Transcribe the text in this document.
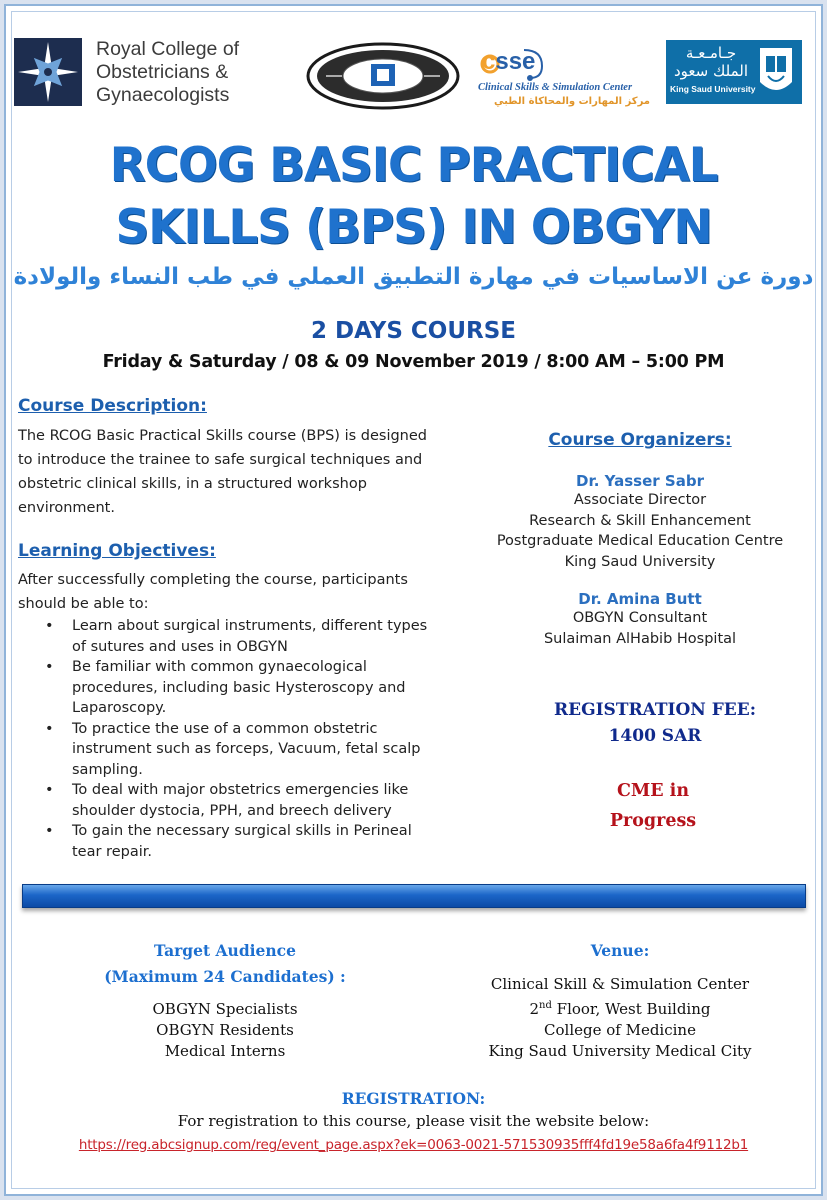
Royal College of
Obstetricians &
Gynaecologists
csse
Clinical Skills & Simulation Center
مركز المهارات والمحاكاة الطبي
جـامـعـة
الملك سعود
King Saud University
RCOG BASIC PRACTICAL
SKILLS (BPS) IN OBGYN
دورة عن الاساسيات في مهارة التطبيق العملي في طب النساء والولادة
2 DAYS COURSE
Friday & Saturday / 08 & 09 November 2019 / 8:00 AM – 5:00 PM
Course Description:
The RCOG Basic Practical Skills course (BPS) is designed
to introduce the trainee to safe surgical techniques and
obstetric clinical skills, in a structured workshop
environment.
Learning Objectives:
After successfully completing the course, participants
should be able to:
• Learn about surgical instruments, different types
of sutures and uses in OBGYN
• Be familiar with common gynaecological
procedures, including basic Hysteroscopy and
Laparoscopy.
• To practice the use of a common obstetric
instrument such as forceps, Vacuum, fetal scalp
sampling.
• To deal with major obstetrics emergencies like
shoulder dystocia, PPH, and breech delivery
• To gain the necessary surgical skills in Perineal
tear repair.
Course Organizers:
Dr. Yasser Sabr
Associate Director
Research & Skill Enhancement
Postgraduate Medical Education Centre
King Saud University
Dr. Amina Butt
OBGYN Consultant
Sulaiman AlHabib Hospital
REGISTRATION FEE:
1400 SAR
CME in
Progress
Target Audience
(Maximum 24 Candidates) :
OBGYN Specialists
OBGYN Residents
Medical Interns
Venue:
Clinical Skill & Simulation Center
2nd Floor, West Building
College of Medicine
King Saud University Medical City
REGISTRATION:
For registration to this course, please visit the website below:
https://reg.abcsignup.com/reg/event_page.aspx?ek=0063-0021-571530935fff4fd19e58a6fa4f9112b1
